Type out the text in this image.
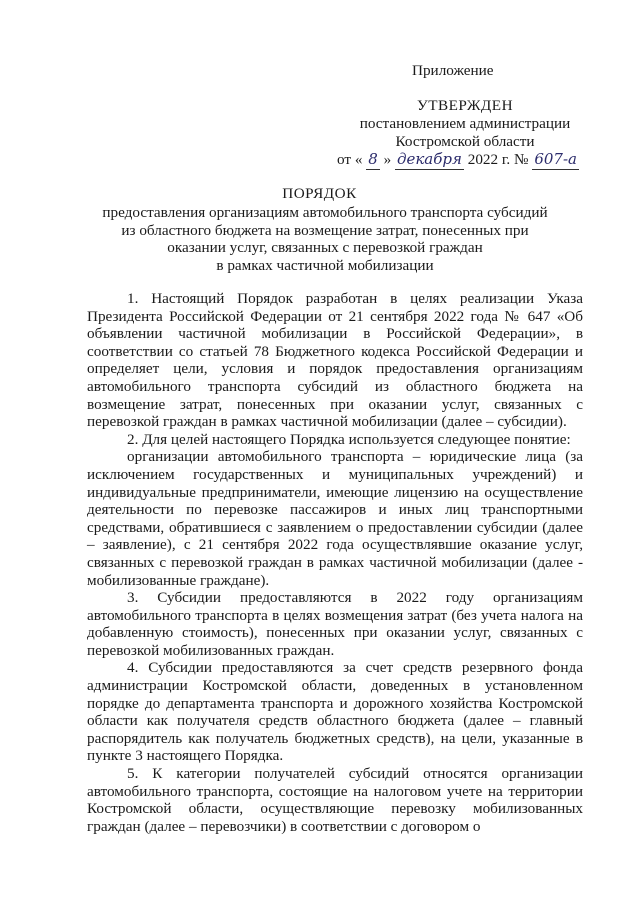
Приложение
УТВЕРЖДЕН
постановлением администрации
Костромской области
от « 8 » декабря 2022 г. № 607-а
ПОРЯДОК
предоставления организациям автомобильного транспорта субсидий
из областного бюджета на возмещение затрат, понесенных при
оказании услуг, связанных с перевозкой граждан
в рамках частичной мобилизации

1. Настоящий Порядок разработан в целях реализации Указа Президента Российской Федерации от 21 сентября 2022 года № 647 «Об объявлении частичной мобилизации в Российской Федерации», в соответствии со статьей 78 Бюджетного кодекса Российской Федерации и определяет цели, условия и порядок предоставления организациям автомобильного транспорта субсидий из областного бюджета на возмещение затрат, понесенных при оказании услуг, связанных с перевозкой граждан в рамках частичной мобилизации (далее – субсидии).

2. Для целей настоящего Порядка используется следующее понятие:

организации автомобильного транспорта – юридические лица (за исключением государственных и муниципальных учреждений) и индивидуальные предприниматели, имеющие лицензию на осуществление деятельности по перевозке пассажиров и иных лиц транспортными средствами, обратившиеся с заявлением о предоставлении субсидии (далее – заявление), с 21 сентября 2022 года осуществлявшие оказание услуг, связанных с перевозкой граждан в рамках частичной мобилизации (далее - мобилизованные граждане).

3. Субсидии предоставляются в 2022 году организациям автомобильного транспорта в целях возмещения затрат (без учета налога на добавленную стоимость), понесенных при оказании услуг, связанных с перевозкой мобилизованных граждан.

4. Субсидии предоставляются за счет средств резервного фонда администрации Костромской области, доведенных в установленном порядке до департамента транспорта и дорожного хозяйства Костромской области как получателя средств областного бюджета (далее – главный распорядитель как получатель бюджетных средств), на цели, указанные в пункте 3 настоящего Порядка.

5. К категории получателей субсидий относятся организации автомобильного транспорта, состоящие на налоговом учете на территории Костромской области, осуществляющие перевозку мобилизованных граждан (далее – перевозчики) в соответствии с договором о
